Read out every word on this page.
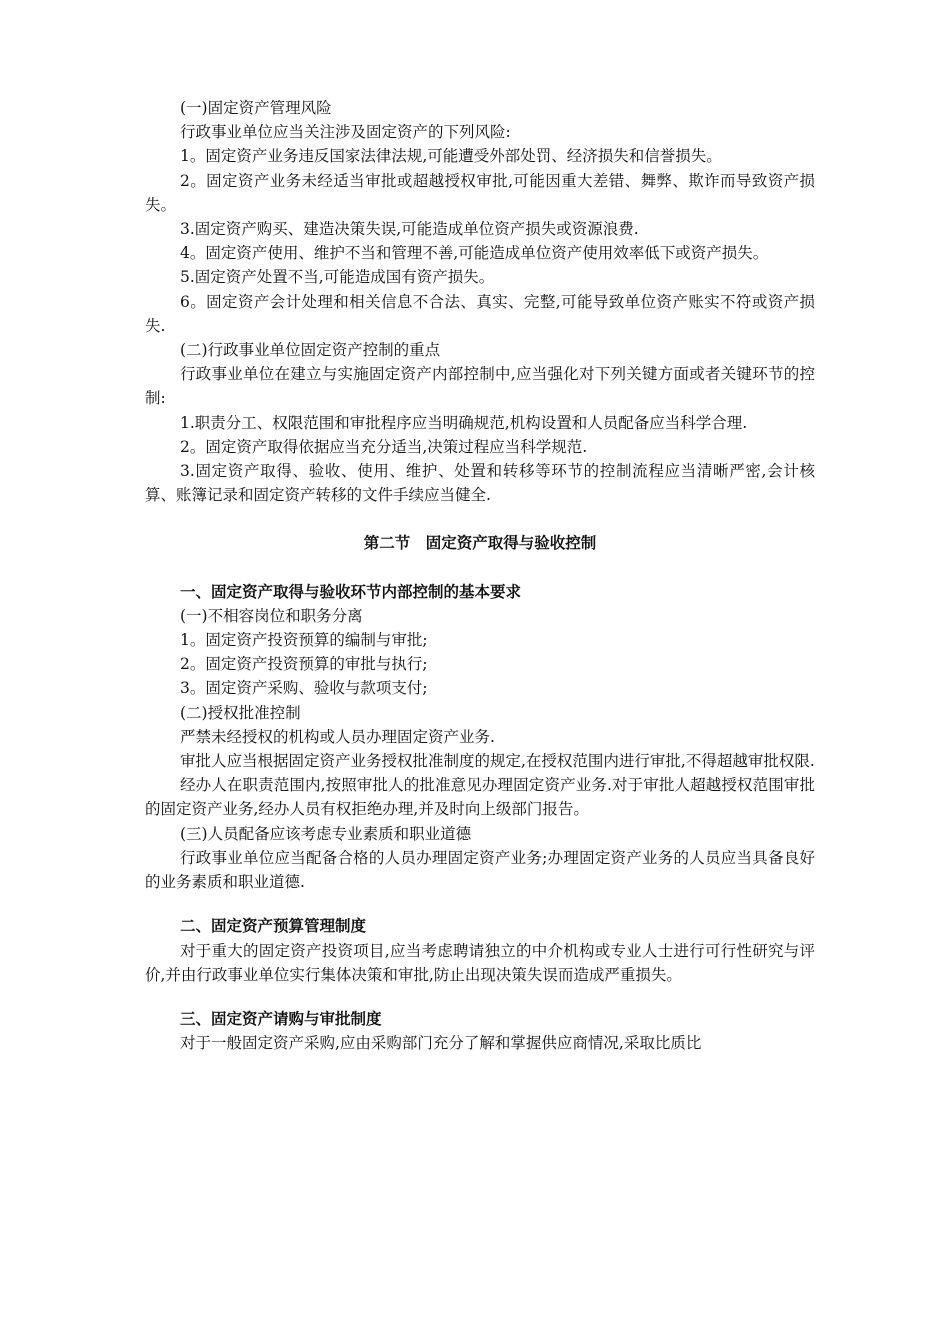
(一)固定资产管理风险

行政事业单位应当关注涉及固定资产的下列风险:

1。固定资产业务违反国家法律法规,可能遭受外部处罚、经济损失和信誉损失。

2。固定资产业务未经适当审批或超越授权审批,可能因重大差错、舞弊、欺诈而导致资产损失。

3.固定资产购买、建造决策失误,可能造成单位资产损失或资源浪费.

4。固定资产使用、维护不当和管理不善,可能造成单位资产使用效率低下或资产损失。

5.固定资产处置不当,可能造成国有资产损失。

6。固定资产会计处理和相关信息不合法、真实、完整,可能导致单位资产账实不符或资产损失.

(二)行政事业单位固定资产控制的重点

行政事业单位在建立与实施固定资产内部控制中,应当强化对下列关键方面或者关键环节的控制:

1.职责分工、权限范围和审批程序应当明确规范,机构设置和人员配备应当科学合理.

2。固定资产取得依据应当充分适当,决策过程应当科学规范.

3.固定资产取得、验收、使用、维护、处置和转移等环节的控制流程应当清晰严密,会计核算、账簿记录和固定资产转移的文件手续应当健全.

第二节　固定资产取得与验收控制

一、固定资产取得与验收环节内部控制的基本要求

(一)不相容岗位和职务分离

1。固定资产投资预算的编制与审批;

2。固定资产投资预算的审批与执行;

3。固定资产采购、验收与款项支付;

(二)授权批准控制

严禁未经授权的机构或人员办理固定资产业务.

审批人应当根据固定资产业务授权批准制度的规定,在授权范围内进行审批,不得超越审批权限.

经办人在职责范围内,按照审批人的批准意见办理固定资产业务.对于审批人超越授权范围审批的固定资产业务,经办人员有权拒绝办理,并及时向上级部门报告。

(三)人员配备应该考虑专业素质和职业道德

行政事业单位应当配备合格的人员办理固定资产业务;办理固定资产业务的人员应当具备良好的业务素质和职业道德.

二、固定资产预算管理制度

对于重大的固定资产投资项目,应当考虑聘请独立的中介机构或专业人士进行可行性研究与评价,并由行政事业单位实行集体决策和审批,防止出现决策失误而造成严重损失。

三、固定资产请购与审批制度

对于一般固定资产采购,应由采购部门充分了解和掌握供应商情况,采取比质比
